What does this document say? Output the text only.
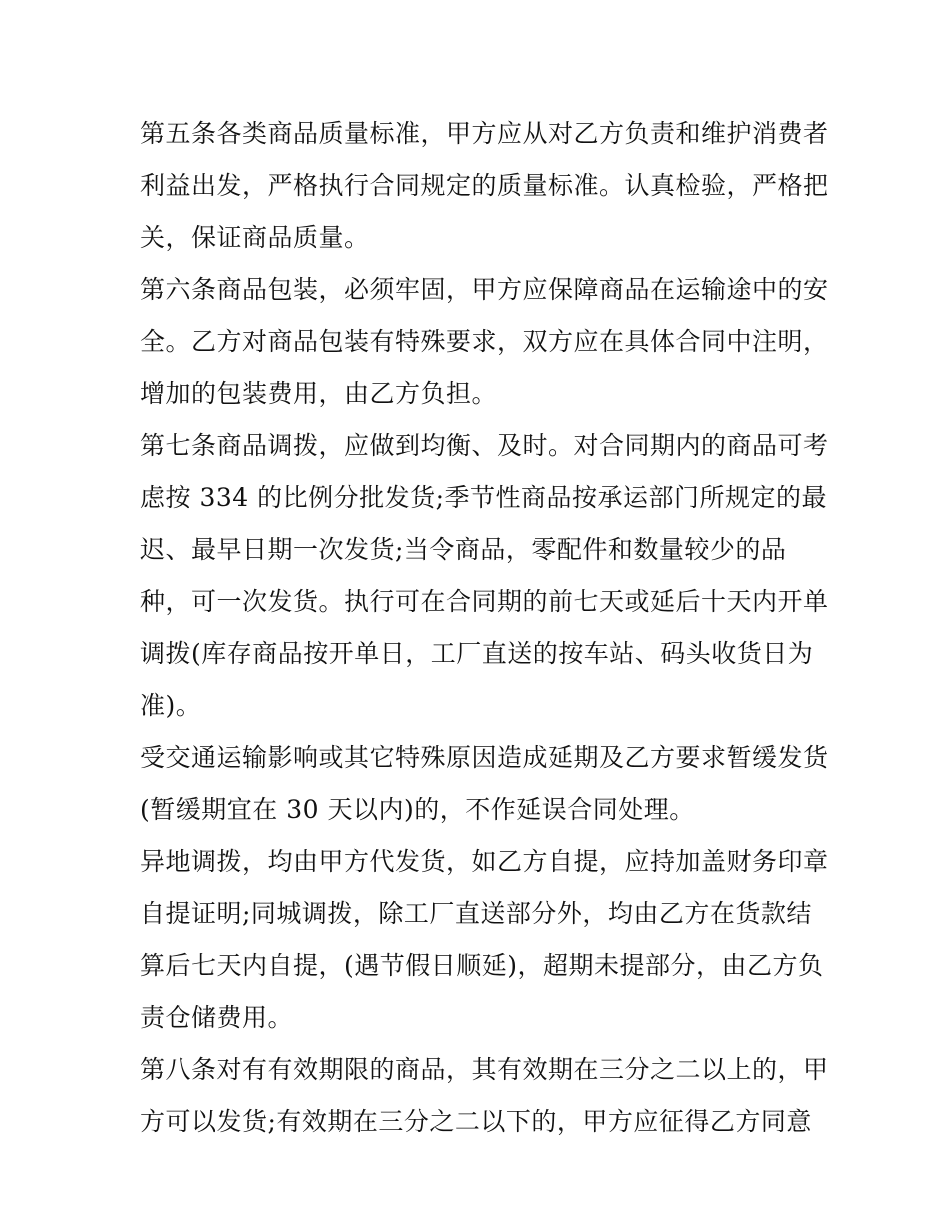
第五条各类商品质量标准，甲方应从对乙方负责和维护消费者
利益出发，严格执行合同规定的质量标准。认真检验，严格把
关，保证商品质量。
第六条商品包装，必须牢固，甲方应保障商品在运输途中的安
全。乙方对商品包装有特殊要求，双方应在具体合同中注明，
增加的包装费用，由乙方负担。
第七条商品调拨，应做到均衡、及时。对合同期内的商品可考
虑按 334 的比例分批发货;季节性商品按承运部门所规定的最
迟、最早日期一次发货;当令商品，零配件和数量较少的品
种，可一次发货。执行可在合同期的前七天或延后十天内开单
调拨(库存商品按开单日，工厂直送的按车站、码头收货日为
准)。
受交通运输影响或其它特殊原因造成延期及乙方要求暂缓发货
(暂缓期宜在 30 天以内)的，不作延误合同处理。
异地调拨，均由甲方代发货，如乙方自提，应持加盖财务印章
自提证明;同城调拨，除工厂直送部分外，均由乙方在货款结
算后七天内自提，(遇节假日顺延)，超期未提部分，由乙方负
责仓储费用。
第八条对有有效期限的商品，其有效期在三分之二以上的，甲
方可以发货;有效期在三分之二以下的，甲方应征得乙方同意
